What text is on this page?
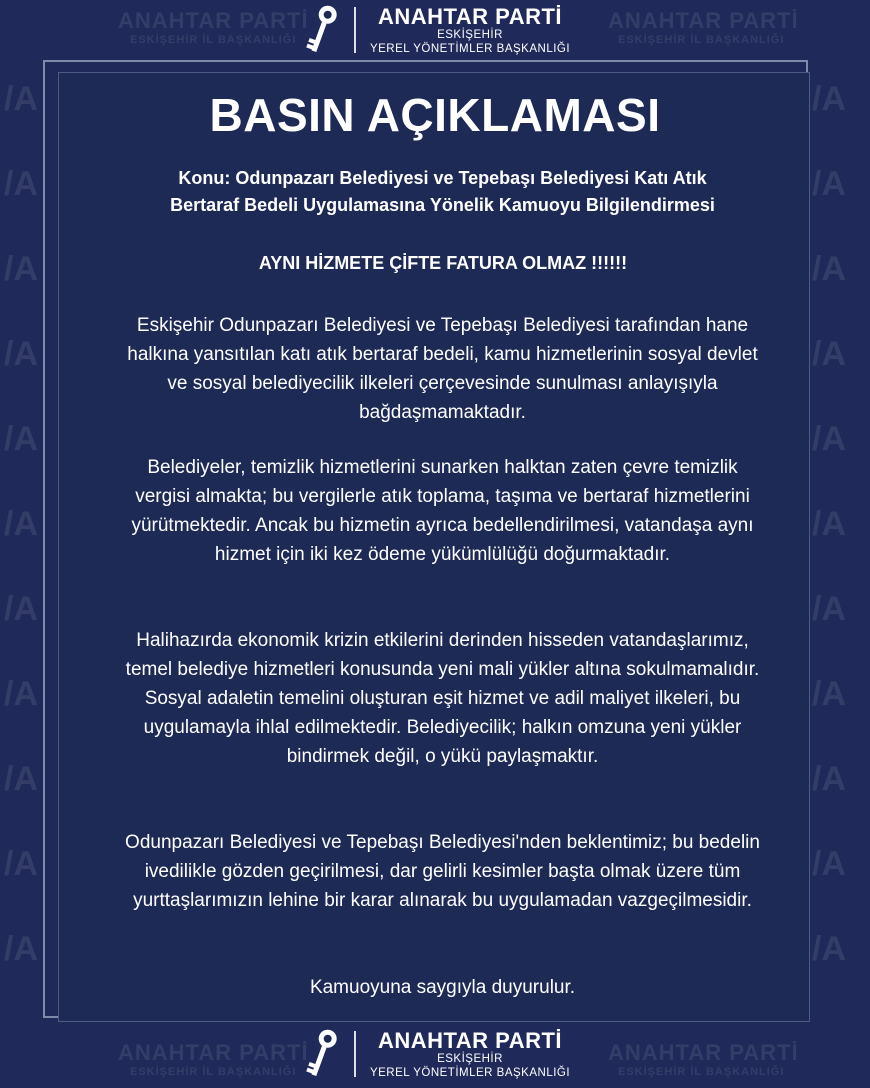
ANAHTAR PARTİ
ESKİŞEHİR İL BAŞKANLIĞI
ANAHTAR PARTİ
ESKİŞEHİR İL BAŞKANLIĞI
ANAHTAR PARTİ
ESKİŞEHİR İL BAŞKANLIĞI
ANAHTAR PARTİ
ESKİŞEHİR İL BAŞKANLIĞI
/A
/A
/A
/A
/A
/A
/A
/A
/A
/A
/A
/A
/A
/A
/A
/A
/A
/A
/A
/A
/A
/A
ANAHTAR PARTİ
ESKİŞEHİR
YEREL YÖNETİMLER BAŞKANLIĞI
BASIN AÇIKLAMASI
Konu: Odunpazarı Belediyesi ve Tepebaşı Belediyesi Katı Atık
Bertaraf Bedeli Uygulamasına Yönelik Kamuoyu Bilgilendirmesi
AYNI HİZMETE ÇİFTE FATURA OLMAZ !!!!!!
Eskişehir Odunpazarı Belediyesi ve Tepebaşı Belediyesi tarafından hane halkına yansıtılan katı atık bertaraf bedeli, kamu hizmetlerinin sosyal devlet ve sosyal belediyecilik ilkeleri çerçevesinde sunulması anlayışıyla bağdaşmamaktadır.
Belediyeler, temizlik hizmetlerini sunarken halktan zaten çevre temizlik vergisi almakta; bu vergilerle atık toplama, taşıma ve bertaraf hizmetlerini yürütmektedir. Ancak bu hizmetin ayrıca bedellendirilmesi, vatandaşa aynı hizmet için iki kez ödeme yükümlülüğü doğurmaktadır.
Halihazırda ekonomik krizin etkilerini derinden hisseden vatandaşlarımız, temel belediye hizmetleri konusunda yeni mali yükler altına sokulmamalıdır. Sosyal adaletin temelini oluşturan eşit hizmet ve adil maliyet ilkeleri, bu uygulamayla ihlal edilmektedir. Belediyecilik; halkın omzuna yeni yükler bindirmek değil, o yükü paylaşmaktır.
Odunpazarı Belediyesi ve Tepebaşı Belediyesi'nden beklentimiz; bu bedelin ivedilikle gözden geçirilmesi, dar gelirli kesimler başta olmak üzere tüm yurttaşlarımızın lehine bir karar alınarak bu uygulamadan vazgeçilmesidir.
Kamuoyuna saygıyla duyurulur.
ANAHTAR PARTİ
ESKİŞEHİR
YEREL YÖNETİMLER BAŞKANLIĞI
